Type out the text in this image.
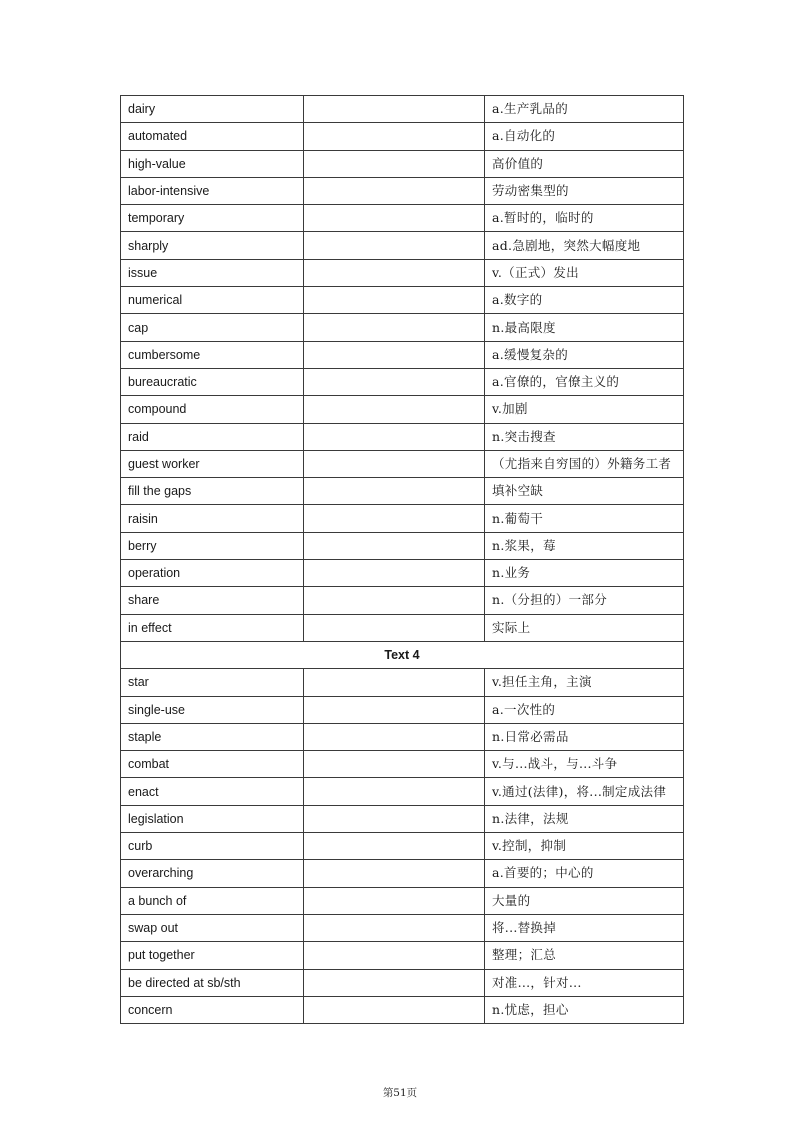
dairy		a.生产乳品的
automated		a.自动化的
high-value		高价值的
labor-intensive		劳动密集型的
temporary		a.暂时的，临时的
sharply		ad.急剧地，突然大幅度地
issue		v.（正式）发出
numerical		a.数字的
cap		n.最高限度
cumbersome		a.缓慢复杂的
bureaucratic		a.官僚的，官僚主义的
compound		v.加剧
raid		n.突击搜查
guest worker		（尤指来自穷国的）外籍务工者
fill the gaps		填补空缺
raisin		n.葡萄干
berry		n.浆果，莓
operation		n.业务
share		n.（分担的）一部分
in effect		实际上
Text 4		
star		v.担任主角，主演
single-use		a.一次性的
staple		n.日常必需品
combat		v.与...战斗，与...斗争
enact		v.通过(法律)，将...制定成法律
legislation		n.法律，法规
curb		v.控制，抑制
overarching		a.首要的；中心的
a bunch of		大量的
swap out		将...替换掉
put together		整理；汇总
be directed at sb/sth		对准...，针对...
concern		n.忧虑，担心
第51页
